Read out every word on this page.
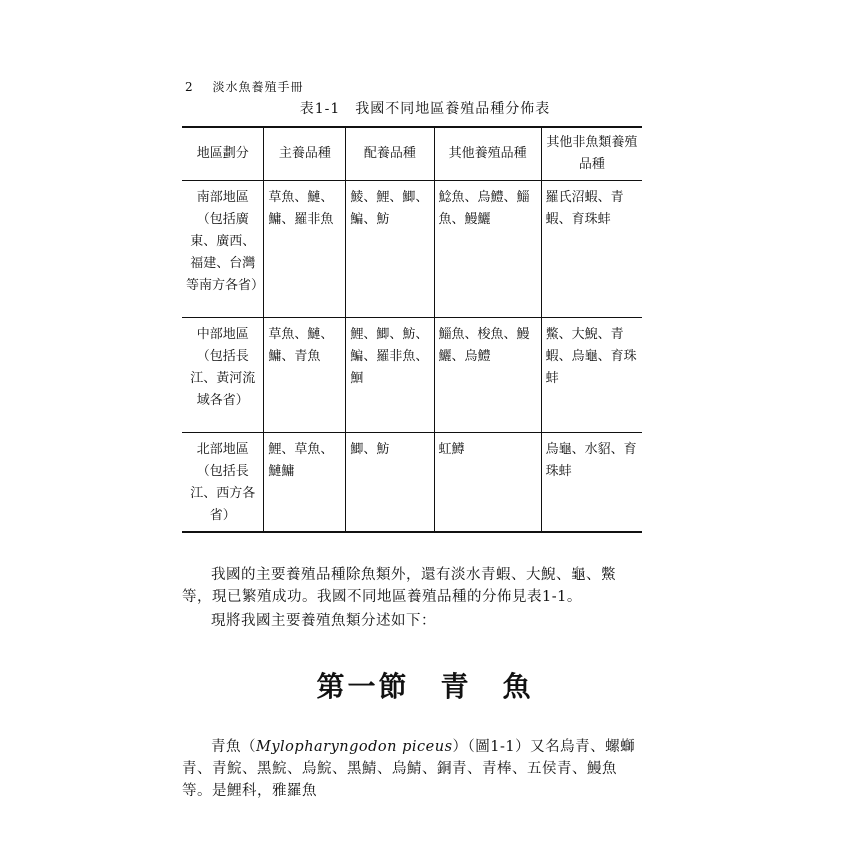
2 淡水魚養殖手冊
表1-1　我國不同地區養殖品種分佈表
地區劃分	主養品種	配養品種	其他養殖品種	其他非魚類養殖品種
南部地區（包括廣東、廣西、福建、台灣等南方各省）	草魚、鰱、鱅、羅非魚	鯪、鯉、鯽、鯿、魴	鯰魚、烏鱧、鯔魚、鰻鱺	羅氏沼蝦、青蝦、育珠蚌
中部地區（包括長江、黃河流域各省）	草魚、鰱、鱅、青魚	鯉、鯽、魴、鯿、羅非魚、鮰	鯔魚、梭魚、鰻鱺、烏鱧	鱉、大鯢、青蝦、烏龜、育珠蚌
北部地區（包括長江、西方各省）	鯉、草魚、鰱鱅	鯽、魴	虹鱒	烏龜、水貂、育珠蚌

我國的主要養殖品種除魚類外，還有淡水青蝦、大鯢、龜、鱉等，現已繁殖成功。我國不同地區養殖品種的分佈見表1-1。

現將我國主要養殖魚類分述如下：

第一節　青　魚

青魚（Mylopharyngodon piceus）（圖1-1）又名烏青、螺螄青、青鯇、黑鯇、烏鯇、黑鯖、烏鯖、銅青、青棒、五侯青、鰻魚等。是鯉科，雅羅魚
